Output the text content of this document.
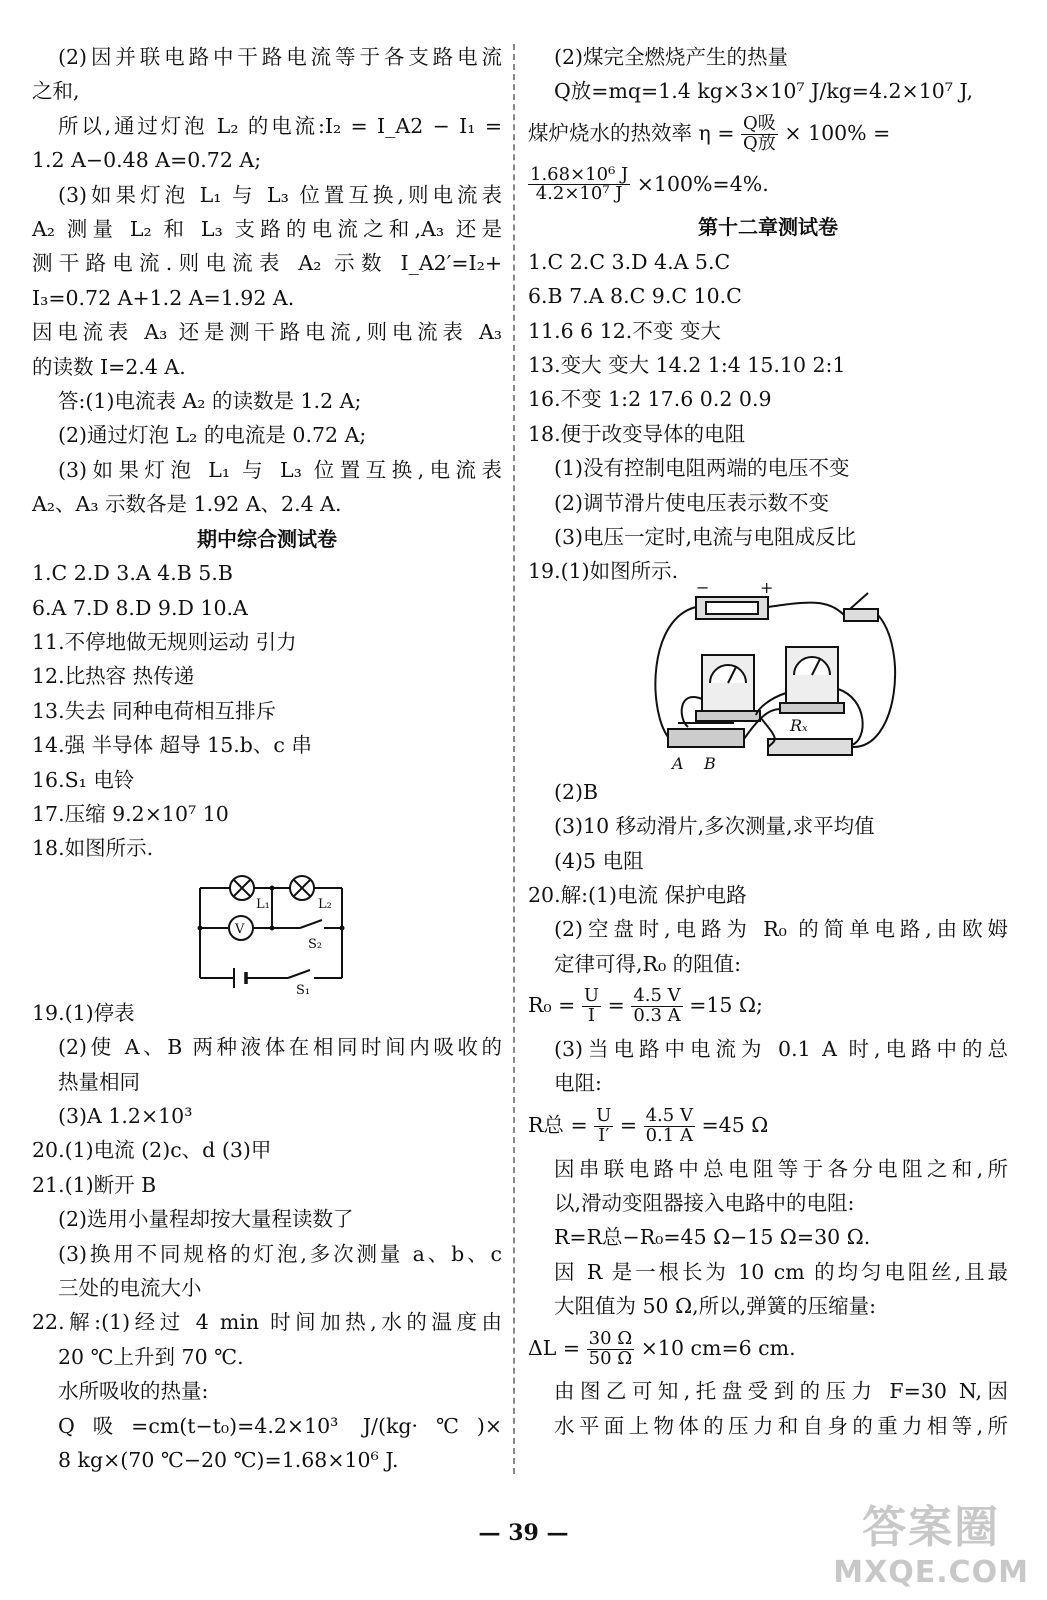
(2)因并联电路中干路电流等于各支路电流
之和,
所以,通过灯泡 L₂ 的电流:I₂ = I_A2 − I₁ =
1.2 A−0.48 A=0.72 A;
(3)如果灯泡 L₁ 与 L₃ 位置互换,则电流表
A₂ 测量 L₂ 和 L₃ 支路的电流之和,A₃ 还是
测干路电流.则电流表 A₂ 示数 I_A2′=I₂+
I₃=0.72 A+1.2 A=1.92 A.
因电流表 A₃ 还是测干路电流,则电流表 A₃
的读数 I=2.4 A.
答:(1)电流表 A₂ 的读数是 1.2 A;
(2)通过灯泡 L₂ 的电流是 0.72 A;
(3)如果灯泡 L₁ 与 L₃ 位置互换,电流表
A₂、A₃ 示数各是 1.92 A、2.4 A.
期中综合测试卷
1.C 2.D 3.A 4.B 5.B
6.A 7.D 8.D 9.D 10.A
11.不停地做无规则运动 引力
12.比热容 热传递
13.失去 同种电荷相互排斥
14.强 半导体 超导 15.b、c 串
16.S₁ 电铃
17.压缩 9.2×10⁷ 10
18.如图所示.
V
L₁	L₂
S₂
S₁
19.(1)停表
(2)使 A、B 两种液体在相同时间内吸收的
热量相同
(3)A 1.2×10³
20.(1)电流 (2)c、d (3)甲
21.(1)断开 B
(2)选用小量程却按大量程读数了
(3)换用不同规格的灯泡,多次测量 a、b、c
三处的电流大小
22.解:(1)经过 4 min 时间加热,水的温度由
20 ℃上升到 70 ℃.
水所吸收的热量:
Q吸=cm(t−t₀)=4.2×10³ J/(kg·℃)×
8 kg×(70 ℃−20 ℃)=1.68×10⁶ J.
(2)煤完全燃烧产生的热量
Q放=mq=1.4 kg×3×10⁷ J/kg=4.2×10⁷ J,
煤炉烧水的热效率 $\eta = \frac{\text{Q吸}}{\text{Q放}} \times 100\%$ =
$\frac{\text{1.68×10⁶ J}}{\text{4.2×10⁷ J}} \times 100\%=4\%$.
第十二章测试卷
1.C 2.C 3.D 4.A 5.C
6.B 7.A 8.C 9.C 10.C
11.6 6 12.不变 变大
13.变大 变大 14.2 1:4 15.10 2:1
16.不变 1:2 17.6 0.2 0.9
18.便于改变导体的电阻
(1)没有控制电阻两端的电压不变
(2)调节滑片使电压表示数不变
(3)电压一定时,电流与电阻成反比
19.(1)如图所示.
−	+
Rₓ
A B
(2)B
(3)10 移动滑片,多次测量,求平均值
(4)5 电阻
20.解:(1)电流 保护电路
(2)空盘时,电路为 R₀ 的简单电路,由欧姆
定律可得,R₀ 的阻值:
$R_0 = \frac{U}{I} = \frac{4.5 V}{0.3 A} =15$ Ω;
(3)当电路中电流为 0.1 A 时,电路中的总
电阻:
R总 = $\frac{U}{I'} = \frac{4.5 V}{0.1 A} =45$ Ω
因串联电路中总电阻等于各分电阻之和,所
以,滑动变阻器接入电路中的电阻:
R=R总−R₀=45 Ω−15 Ω=30 Ω.
因 R 是一根长为 10 cm 的均匀电阻丝,且最
大阻值为 50 Ω,所以,弹簧的压缩量:
$\Delta L = \frac{30 \Omega}{50 \Omega} \times 10$ cm=6 cm.
由图乙可知,托盘受到的压力 F=30 N,因
水平面上物体的压力和自身的重力相等,所
— 39 —	答案圈
MXQE.COM
